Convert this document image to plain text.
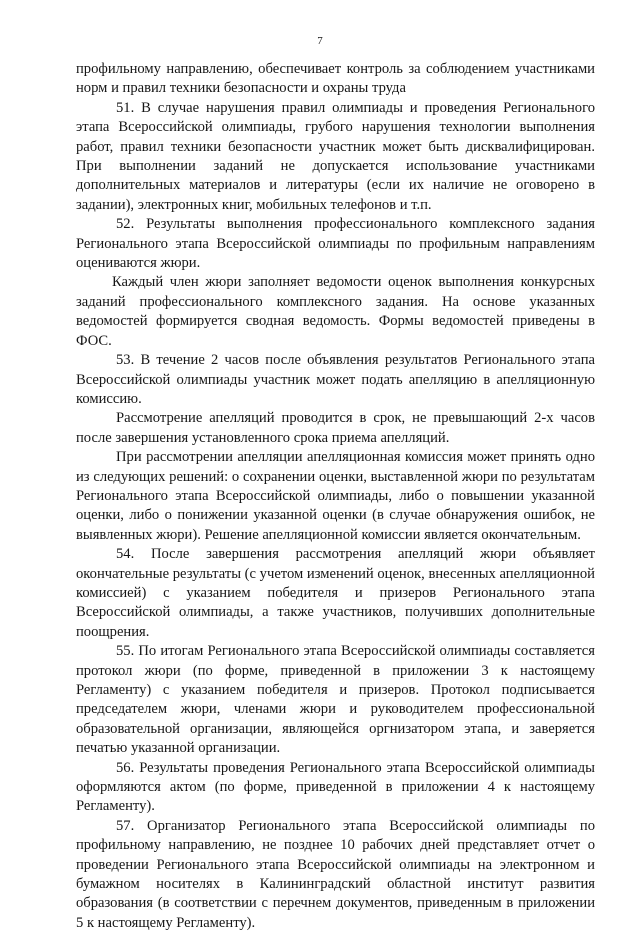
7

профильному направлению, обеспечивает контроль за соблюдением участниками норм и правил техники безопасности и охраны труда

51. В случае нарушения правил олимпиады и проведения Регионального этапа Всероссийской олимпиады, грубого нарушения технологии выполнения работ, правил техники безопасности участник может быть дисквалифицирован. При выполнении заданий не допускается использование участниками дополнительных материалов и литературы (если их наличие не оговорено в задании), электронных книг, мобильных телефонов и т.п.

52. Результаты выполнения профессионального комплексного задания Регионального этапа Всероссийской олимпиады по профильным направлениям оцениваются жюри.

Каждый член жюри заполняет ведомости оценок выполнения конкурсных заданий профессионального комплексного задания. На основе указанных ведомостей формируется сводная ведомость. Формы ведомостей приведены в ФОС.

53. В течение 2 часов после объявления результатов Регионального этапа Всероссийской олимпиады участник может подать апелляцию в апелляционную комиссию.

Рассмотрение апелляций проводится в срок, не превышающий 2-х часов после завершения установленного срока приема апелляций.

При рассмотрении апелляции апелляционная комиссия может принять одно из следующих решений: о сохранении оценки, выставленной жюри по результатам Регионального этапа Всероссийской олимпиады, либо о повышении указанной оценки, либо о понижении указанной оценки (в случае обнаружения ошибок, не выявленных жюри). Решение апелляционной комиссии является окончательным.

54. После завершения рассмотрения апелляций жюри объявляет окончательные результаты (с учетом изменений оценок, внесенных апелляционной комиссией) с указанием победителя и призеров Регионального этапа Всероссийской олимпиады, а также участников, получивших дополнительные поощрения.

55. По итогам Регионального этапа Всероссийской олимпиады составляется протокол жюри (по форме, приведенной в приложении 3 к настоящему Регламенту) с указанием победителя и призеров. Протокол подписывается председателем жюри, членами жюри и руководителем профессиональной образовательной организации, являющейся оргнизатором этапа, и заверяется печатью указанной организации.

56. Результаты проведения Регионального этапа Всероссийской олимпиады оформляются актом (по форме, приведенной в приложении 4 к настоящему Регламенту).

57. Организатор Регионального этапа Всероссийской олимпиады по профильному направлению, не позднее 10 рабочих дней представляет отчет о проведении Регионального этапа Всероссийской олимпиады на электронном и бумажном носителях в Калининградский областной институт развития образования (в соответствии с перечнем документов, приведенным в приложении 5 к настоящему Регламенту).
